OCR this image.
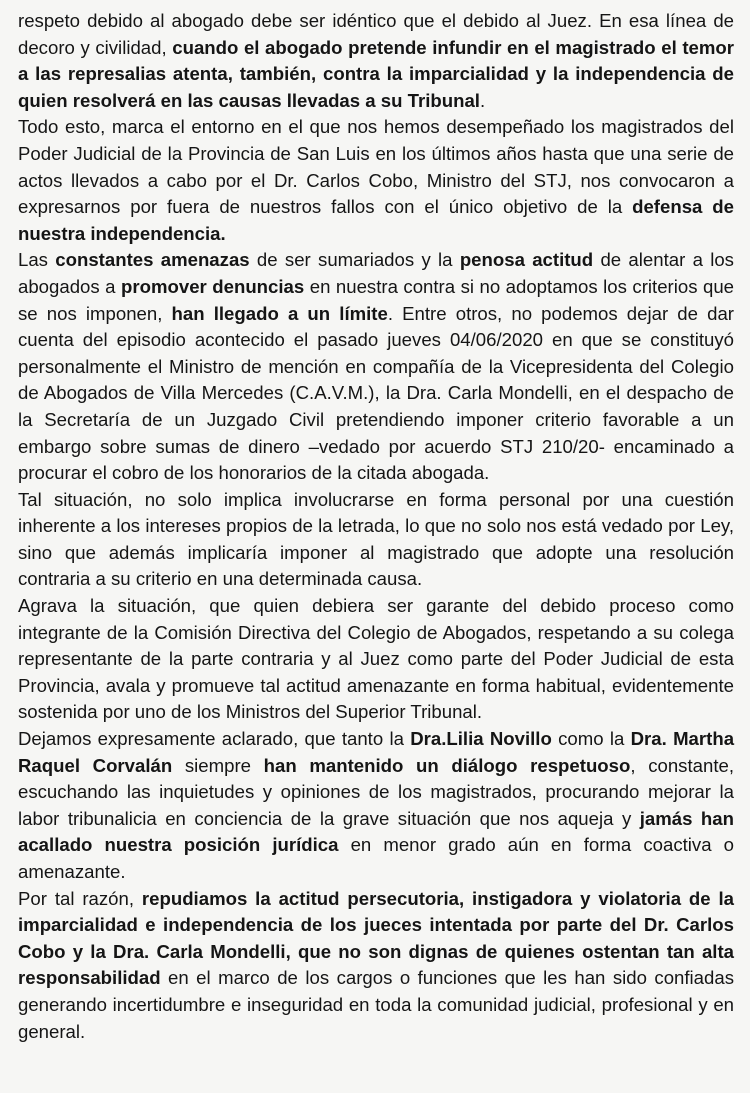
respeto debido al abogado debe ser idéntico que el debido al Juez. En esa línea de decoro y civilidad, cuando el abogado pretende infundir en el magistrado el temor a las represalias atenta, también, contra la imparcialidad y la independencia de quien resolverá en las causas llevadas a su Tribunal.

Todo esto, marca el entorno en el que nos hemos desempeñado los magistrados del Poder Judicial de la Provincia de San Luis en los últimos años hasta que una serie de actos llevados a cabo por el Dr. Carlos Cobo, Ministro del STJ, nos convocaron a expresarnos por fuera de nuestros fallos con el único objetivo de la defensa de nuestra independencia.

Las constantes amenazas de ser sumariados y la penosa actitud de alentar a los abogados a promover denuncias en nuestra contra si no adoptamos los criterios que se nos imponen, han llegado a un límite. Entre otros, no podemos dejar de dar cuenta del episodio acontecido el pasado jueves 04/06/2020 en que se constituyó personalmente el Ministro de mención en compañía de la Vicepresidenta del Colegio de Abogados de Villa Mercedes (C.A.V.M.), la Dra. Carla Mondelli, en el despacho de la Secretaría de un Juzgado Civil pretendiendo imponer criterio favorable a un embargo sobre sumas de dinero –vedado por acuerdo STJ 210/20- encaminado a procurar el cobro de los honorarios de la citada abogada.

Tal situación, no solo implica involucrarse en forma personal por una cuestión inherente a los intereses propios de la letrada, lo que no solo nos está vedado por Ley, sino que además implicaría imponer al magistrado que adopte una resolución contraria a su criterio en una determinada causa.

Agrava la situación, que quien debiera ser garante del debido proceso como integrante de la Comisión Directiva del Colegio de Abogados, respetando a su colega representante de la parte contraria y al Juez como parte del Poder Judicial de esta Provincia, avala y promueve tal actitud amenazante en forma habitual, evidentemente sostenida por uno de los Ministros del Superior Tribunal.

Dejamos expresamente aclarado, que tanto la Dra.Lilia Novillo como la Dra. Martha Raquel Corvalán siempre han mantenido un diálogo respetuoso, constante, escuchando las inquietudes y opiniones de los magistrados, procurando mejorar la labor tribunalicia en conciencia de la grave situación que nos aqueja y jamás han acallado nuestra posición jurídica en menor grado aún en forma coactiva o amenazante.

Por tal razón, repudiamos la actitud persecutoria, instigadora y violatoria de la imparcialidad e independencia de los jueces intentada por parte del Dr. Carlos Cobo y la Dra. Carla Mondelli, que no son dignas de quienes ostentan tan alta responsabilidad en el marco de los cargos o funciones que les han sido confiadas generando incertidumbre e inseguridad en toda la comunidad judicial, profesional y en general.
